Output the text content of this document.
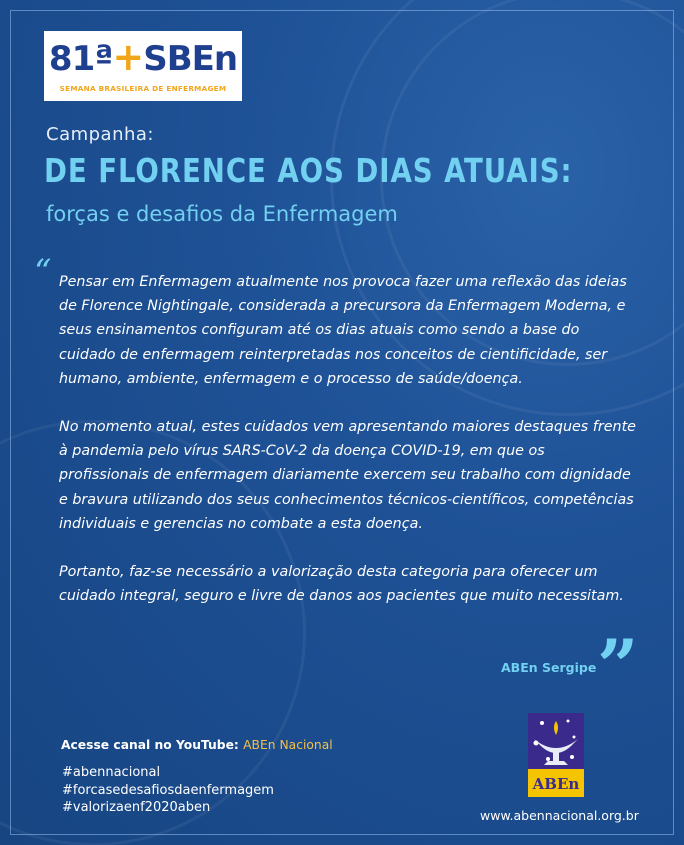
81ª+SBEn
SEMANA BRASILEIRA DE ENFERMAGEM
Campanha:
DE FLORENCE AOS DIAS ATUAIS:
forças e desafios da Enfermagem
“ Pensar em Enfermagem atualmente nos provoca fazer uma reflexão das ideias de Florence Nightingale, considerada a precursora da Enfermagem Moderna, e seus ensinamentos configuram até os dias atuais como sendo a base do cuidado de enfermagem reinterpretadas nos conceitos de cientificidade, ser humano, ambiente, enfermagem e o processo de saúde/doença.

No momento atual, estes cuidados vem apresentando maiores destaques frente à pandemia pelo vírus SARS-CoV-2 da doença COVID-19, em que os profissionais de enfermagem diariamente exercem seu trabalho com dignidade e bravura utilizando dos seus conhecimentos técnicos-científicos, competências individuais e gerencias no combate a esta doença.

Portanto, faz-se necessário a valorização desta categoria para oferecer um cuidado integral, seguro e livre de danos aos pacientes que muito necessitam.

ABEn Sergipe ”
Acesse canal no YouTube: ABEn Nacional
#abennacional
#forcasedesafiosdaenfermagem
#valorizaenf2020aben
ABEn
www.abennacional.org.br
